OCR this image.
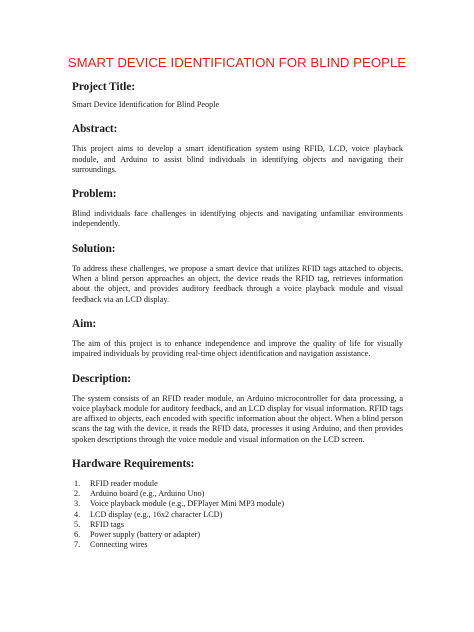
SMART DEVICE IDENTIFICATION FOR BLIND PEOPLE
Project Title:

Smart Device Identification for Blind People

Abstract:

This project aims to develop a smart identification system using RFID, LCD, voice playback module, and Arduino to assist blind individuals in identifying objects and navigating their surroundings.

Problem:

Blind individuals face challenges in identifying objects and navigating unfamiliar environments independently.

Solution:

To address these challenges, we propose a smart device that utilizes RFID tags attached to objects. When a blind person approaches an object, the device reads the RFID tag, retrieves information about the object, and provides auditory feedback through a voice playback module and visual feedback via an LCD display.

Aim:

The aim of this project is to enhance independence and improve the quality of life for visually impaired individuals by providing real-time object identification and navigation assistance.

Description:

The system consists of an RFID reader module, an Arduino microcontroller for data processing, a voice playback module for auditory feedback, and an LCD display for visual information. RFID tags are affixed to objects, each encoded with specific information about the object. When a blind person scans the tag with the device, it reads the RFID data, processes it using Arduino, and then provides spoken descriptions through the voice module and visual information on the LCD screen.

Hardware Requirements:
1.	RFID reader module
2.	Arduino board (e.g., Arduino Uno)
3.	Voice playback module (e.g., DFPlayer Mini MP3 module)
4.	LCD display (e.g., 16x2 character LCD)
5.	RFID tags
6.	Power supply (battery or adapter)
7.	Connecting wires
